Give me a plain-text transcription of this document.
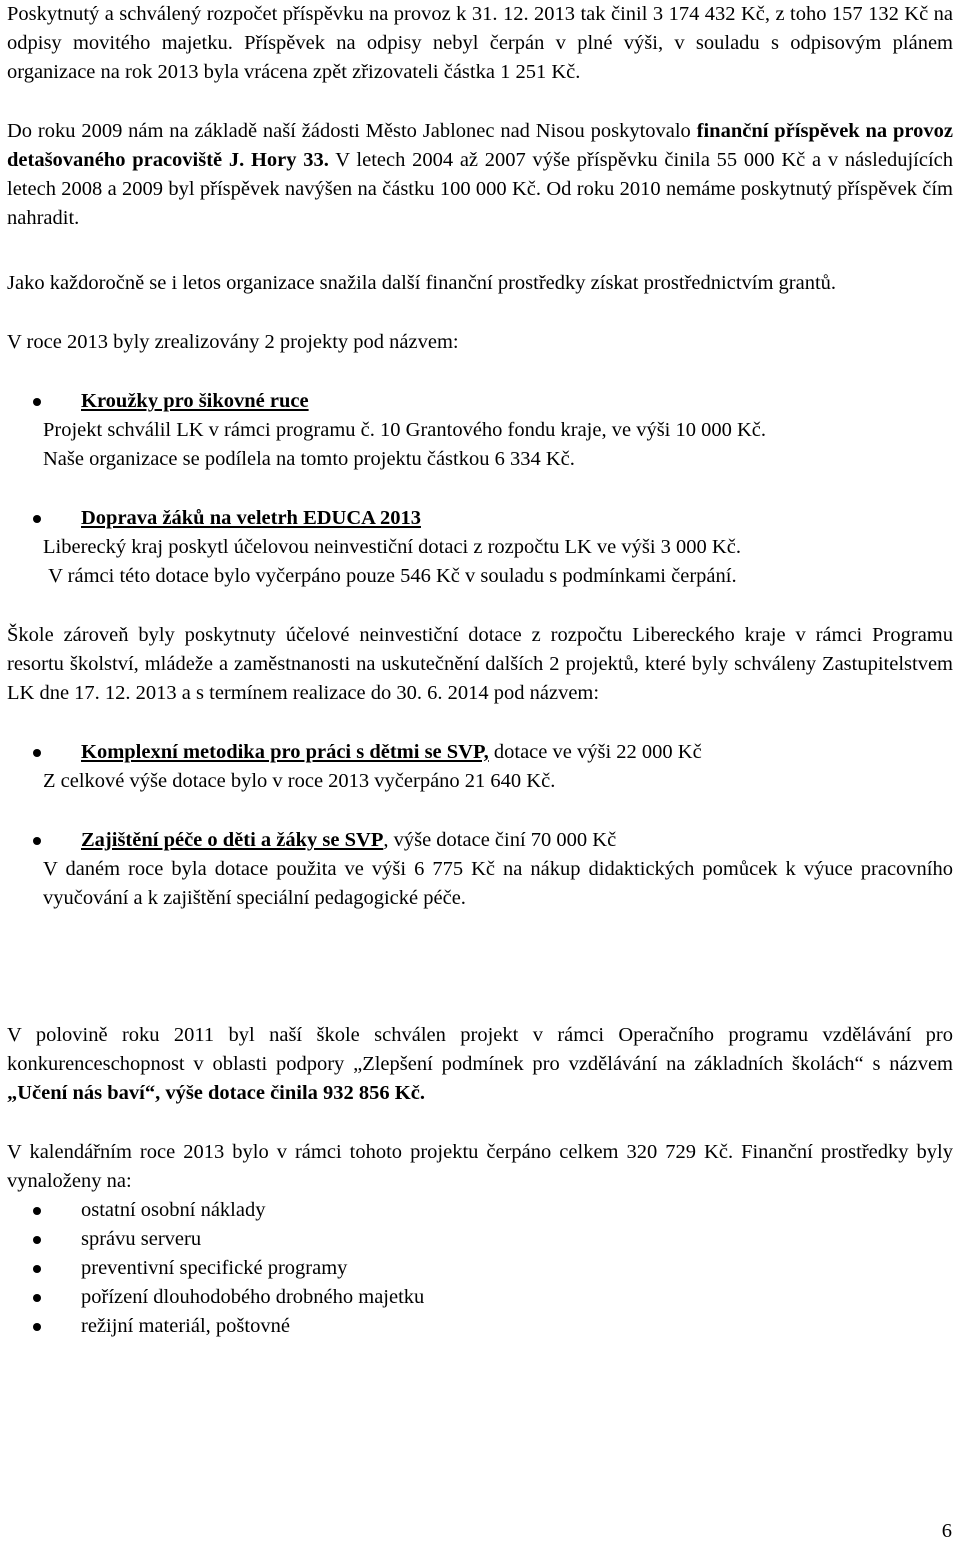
Poskytnutý a schválený rozpočet příspěvku na provoz k 31. 12. 2013 tak činil 3 174 432 Kč, z toho 157 132 Kč na odpisy movitého majetku. Příspěvek na odpisy nebyl čerpán v plné výši, v souladu s odpisovým plánem organizace na rok 2013 byla vrácena zpět zřizovateli částka 1 251 Kč.

Do roku 2009 nám na základě naší žádosti Město Jablonec nad Nisou poskytovalo finanční příspěvek na provoz detašovaného pracoviště J. Hory 33. V letech 2004 až 2007 výše příspěvku činila 55 000 Kč a v následujících letech 2008 a 2009 byl příspěvek navýšen na částku 100 000 Kč. Od roku 2010 nemáme poskytnutý příspěvek čím nahradit.

Jako každoročně se i letos organizace snažila další finanční prostředky získat prostřednictvím grantů.

V roce 2013 byly zrealizovány 2 projekty pod názvem:

Kroužky pro šikovné ruce

Projekt schválil LK v rámci programu č. 10 Grantového fondu kraje, ve výši 10 000 Kč.

Naše organizace se podílela na tomto projektu částkou 6 334 Kč.

Doprava žáků na veletrh EDUCA 2013

Liberecký kraj poskytl účelovou neinvestiční dotaci z rozpočtu LK ve výši 3 000 Kč.

V rámci této dotace bylo vyčerpáno pouze 546 Kč v souladu s podmínkami čerpání.

Škole zároveň byly poskytnuty účelové neinvestiční dotace z rozpočtu Libereckého kraje v rámci Programu resortu školství, mládeže a zaměstnanosti na uskutečnění dalších 2 projektů, které byly schváleny Zastupitelstvem LK dne 17. 12. 2013 a s termínem realizace do 30. 6. 2014 pod názvem:

Komplexní metodika pro práci s dětmi se SVP, dotace ve výši 22 000 Kč

Z celkové výše dotace bylo v roce 2013 vyčerpáno 21 640 Kč.

Zajištění péče o děti a žáky se SVP, výše dotace činí 70 000 Kč

V daném roce byla dotace použita ve výši 6 775 Kč na nákup didaktických pomůcek k výuce pracovního vyučování a k zajištění speciální pedagogické péče.

V polovině roku 2011 byl naší škole schválen projekt v rámci Operačního programu vzdělávání pro konkurenceschopnost v oblasti podpory „Zlepšení podmínek pro vzdělávání na základních školách“ s názvem „Učení nás baví“, výše dotace činila 932 856 Kč.

V kalendářním roce 2013 bylo v rámci tohoto projektu čerpáno celkem 320 729 Kč. Finanční prostředky byly vynaloženy na:

ostatní osobní náklady
správu serveru
preventivní specifické programy
pořízení dlouhodobého drobného majetku
režijní materiál, poštovné
6
